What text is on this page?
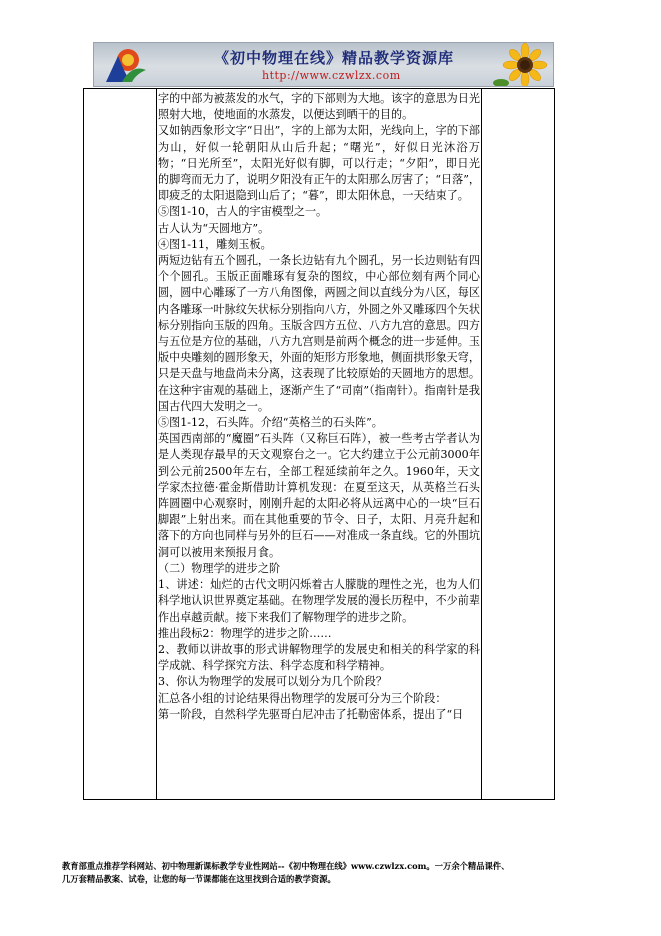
《初中物理在线》精品教学资源库
http://www.czwlzx.com

字的中部为被蒸发的水气，字的下部则为大地。该字的意思为日光照射大地，使地面的水蒸发，以便达到晒干的目的。

又如钠西象形文字“日出”，字的上部为太阳，光线向上，字的下部为山，好似一轮朝阳从山后升起；“曙光”，好似日光沐浴万物；“日光所至”，太阳光好似有脚，可以行走；“夕阳”，即日光的脚弯而无力了，说明夕阳没有正午的太阳那么厉害了；“日落”，即疲乏的太阳退隐到山后了；“暮”，即太阳休息，一天结束了。

⑤图1-10，古人的宇宙模型之一。

古人认为“天圆地方”。

④图1-11，雕刻玉板。

两短边钻有五个圆孔，一条长边钻有九个圆孔，另一长边则钻有四个个圆孔。玉版正面雕琢有复杂的图纹，中心部位刻有两个同心圆，圆中心雕琢了一方八角图像，两圆之间以直线分为八区，每区内各雕琢一叶脉纹矢状标分别指向八方，外圆之外又雕琢四个矢状标分别指向玉版的四角。玉版含四方五位、八方九宫的意思。四方与五位是方位的基础，八方九宫则是前两个概念的进一步延伸。玉版中央雕刻的圆形象天，外面的矩形方形象地，侧面拱形象天穹，只是天盘与地盘尚未分离，这表现了比较原始的天圆地方的思想。在这种宇宙观的基础上，逐渐产生了“司南”（指南针）。指南针是我国古代四大发明之一。

⑤图1-12，石头阵。介绍“英格兰的石头阵”。

英国西南部的“魔圈”石头阵（又称巨石阵），被一些考古学者认为是人类现存最早的天文观察台之一。它大约建立于公元前3000年到公元前2500年左右，全部工程延续前年之久。1960年，天文学家杰拉德·霍金斯借助计算机发现：在夏至这天，从英格兰石头阵圆圈中心观察时，刚刚升起的太阳必将从远离中心的一块“巨石脚跟”上射出来。而在其他重要的节令、日子，太阳、月亮升起和落下的方向也同样与另外的巨石——对准成一条直线。它的外围坑洞可以被用来预报月食。

（二）物理学的进步之阶

1、讲述：灿烂的古代文明闪烁着古人朦胧的理性之光，也为人们科学地认识世界奠定基础。在物理学发展的漫长历程中，不少前辈作出卓越贡献。接下来我们了解物理学的进步之阶。

推出段标2：物理学的进步之阶……

2、教师以讲故事的形式讲解物理学的发展史和相关的科学家的科学成就、科学探究方法、科学态度和科学精神。

3、你认为物理学的发展可以划分为几个阶段？

汇总各小组的讨论结果得出物理学的发展可分为三个阶段：

第一阶段，自然科学先驱哥白尼冲击了托勒密体系，提出了“日

教育部重点推荐学科网站、初中物理新课标教学专业性网站--《初中物理在线》www.czwlzx.com。一万余个精品课件、

几万套精品教案、试卷，让您的每一节课都能在这里找到合适的教学资源。
